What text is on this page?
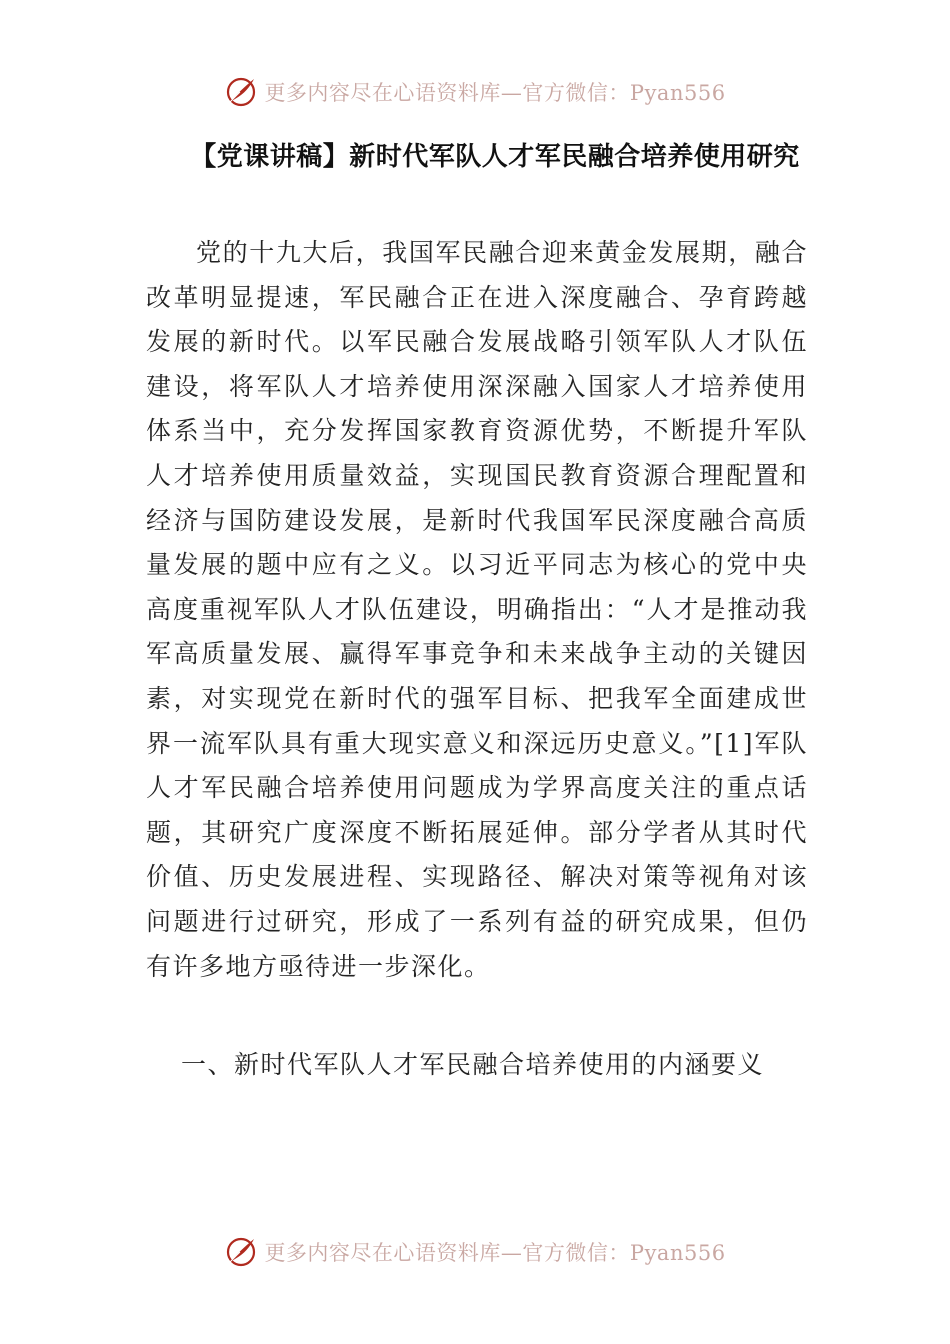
更多内容尽在心语资料库—官方微信：Pyan556
【党课讲稿】新时代军队人才军民融合培养使用研究

党的十九大后，我国军民融合迎来黄金发展期，融合改革明显提速，军民融合正在进入深度融合、孕育跨越发展的新时代。以军民融合发展战略引领军队人才队伍建设，将军队人才培养使用深深融入国家人才培养使用体系当中，充分发挥国家教育资源优势，不断提升军队人才培养使用质量效益，实现国民教育资源合理配置和经济与国防建设发展，是新时代我国军民深度融合高质量发展的题中应有之义。以习近平同志为核心的党中央高度重视军队人才队伍建设，明确指出：“人才是推动我军高质量发展、赢得军事竞争和未来战争主动的关键因素，对实现党在新时代的强军目标、把我军全面建成世界一流军队具有重大现实意义和深远历史意义。”[1]军队人才军民融合培养使用问题成为学界高度关注的重点话题，其研究广度深度不断拓展延伸。部分学者从其时代价值、历史发展进程、实现路径、解决对策等视角对该问题进行过研究，形成了一系列有益的研究成果，但仍有许多地方亟待进一步深化。

一、新时代军队人才军民融合培养使用的内涵要义

更多内容尽在心语资料库—官方微信：Pyan556
